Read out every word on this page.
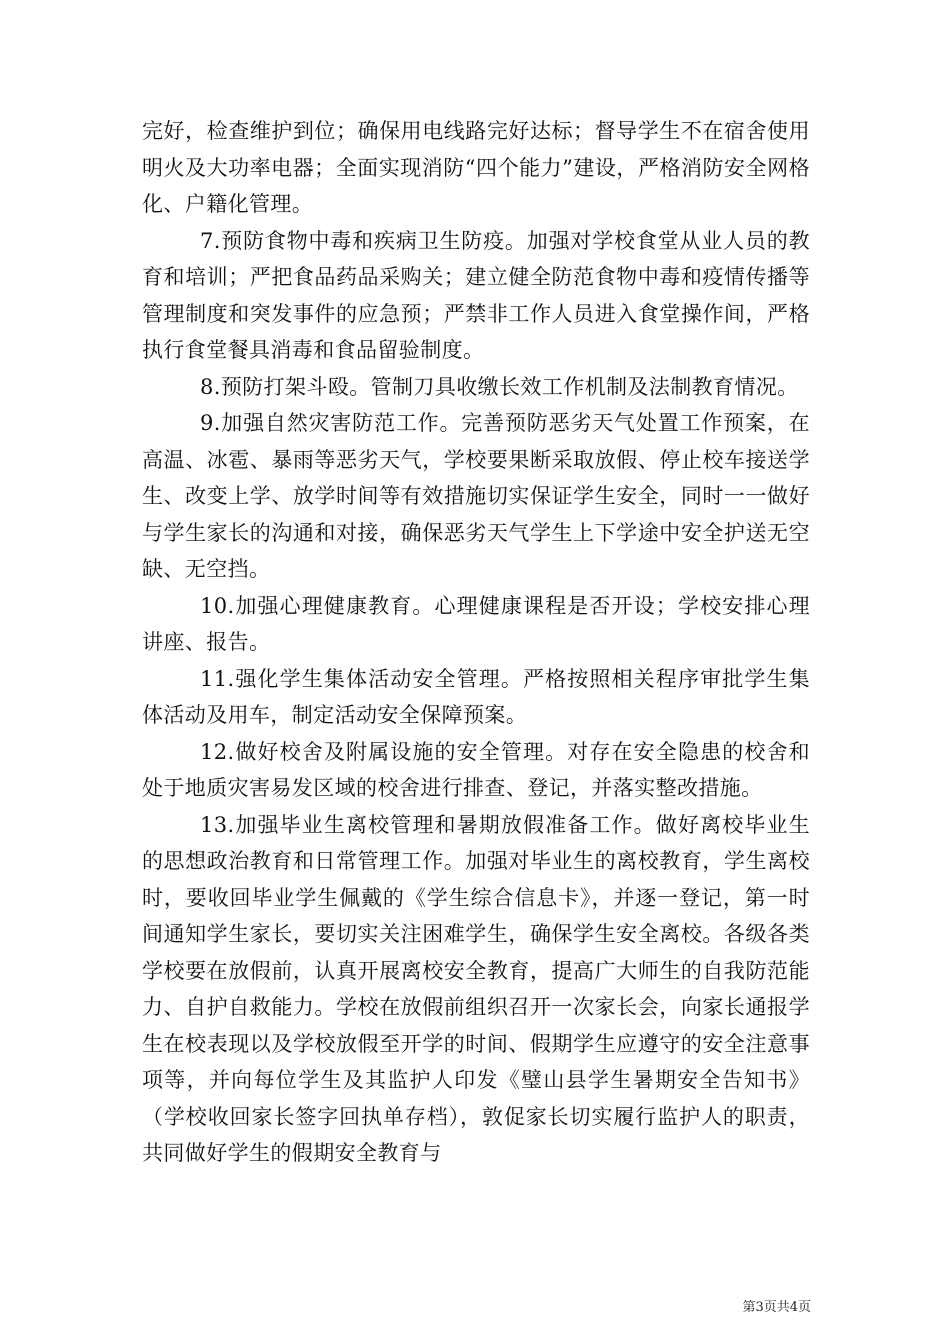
完好，检查维护到位；确保用电线路完好达标；督导学生不在宿舍使用明火及大功率电器；全面实现消防“四个能力”建设，严格消防安全网格化、户籍化管理。

7.预防食物中毒和疾病卫生防疫。加强对学校食堂从业人员的教育和培训；严把食品药品采购关；建立健全防范食物中毒和疫情传播等管理制度和突发事件的应急预；严禁非工作人员进入食堂操作间，严格执行食堂餐具消毒和食品留验制度。

8.预防打架斗殴。管制刀具收缴长效工作机制及法制教育情况。

9.加强自然灾害防范工作。完善预防恶劣天气处置工作预案，在高温、冰雹、暴雨等恶劣天气，学校要果断采取放假、停止校车接送学生、改变上学、放学时间等有效措施切实保证学生安全，同时一一做好与学生家长的沟通和对接，确保恶劣天气学生上下学途中安全护送无空缺、无空挡。

10.加强心理健康教育。心理健康课程是否开设；学校安排心理讲座、报告。

11.强化学生集体活动安全管理。严格按照相关程序审批学生集体活动及用车，制定活动安全保障预案。

12.做好校舍及附属设施的安全管理。对存在安全隐患的校舍和处于地质灾害易发区域的校舍进行排查、登记，并落实整改措施。

13.加强毕业生离校管理和暑期放假准备工作。做好离校毕业生的思想政治教育和日常管理工作。加强对毕业生的离校教育，学生离校时，要收回毕业学生佩戴的《学生综合信息卡》，并逐一登记，第一时间通知学生家长，要切实关注困难学生，确保学生安全离校。各级各类学校要在放假前，认真开展离校安全教育，提高广大师生的自我防范能力、自护自救能力。学校在放假前组织召开一次家长会，向家长通报学生在校表现以及学校放假至开学的时间、假期学生应遵守的安全注意事项等，并向每位学生及其监护人印发《璧山县学生暑期安全告知书》（学校收回家长签字回执单存档），敦促家长切实履行监护人的职责，共同做好学生的假期安全教育与

第3页共4页
